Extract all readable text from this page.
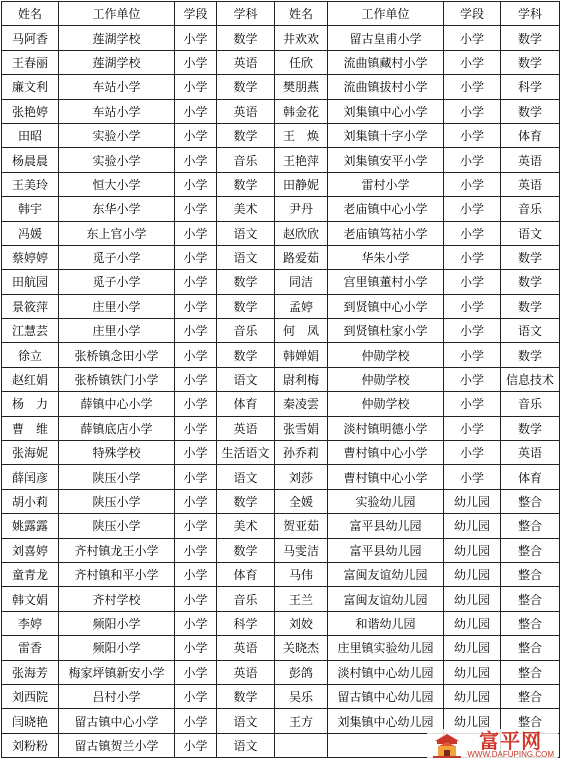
姓名	工作单位	学段	学科	姓名	工作单位	学段	学科
马阿香	莲湖学校	小学	数学	井欢欢	留古皇甫小学	小学	数学
王春丽	莲湖学校	小学	英语	任欣	流曲镇藏村小学	小学	数学
廉文利	车站小学	小学	数学	樊朋燕	流曲镇拔村小学	小学	科学
张艳婷	车站小学	小学	英语	韩金花	刘集镇中心小学	小学	数学
田昭	实验小学	小学	数学	王　焕	刘集镇十字小学	小学	体育
杨晨晨	实验小学	小学	音乐	王艳萍	刘集镇安平小学	小学	英语
王美玲	恒大小学	小学	数学	田静妮	雷村小学	小学	英语
韩宇	东华小学	小学	美术	尹丹	老庙镇中心小学	小学	音乐
冯媛	东上官小学	小学	语文	赵欣欣	老庙镇笃祜小学	小学	语文
蔡婷婷	觅子小学	小学	语文	路爱茹	华朱小学	小学	数学
田航园	觅子小学	小学	数学	同洁	宫里镇董村小学	小学	数学
景筱萍	庄里小学	小学	数学	孟婷	到贤镇中心小学	小学	数学
江慧芸	庄里小学	小学	音乐	何　凤	到贤镇杜家小学	小学	语文
徐立	张桥镇念田小学	小学	数学	韩婵娟	仲勋学校	小学	数学
赵红娟	张桥镇铁门小学	小学	语文	尉利梅	仲勋学校	小学	信息技术
杨　力	薛镇中心小学	小学	体育	秦凌雲	仲勋学校	小学	音乐
曹　维	薛镇底店小学	小学	英语	张雪娟	淡村镇明德小学	小学	数学
张海妮	特殊学校	小学	生活语文	孙乔莉	曹村镇中心小学	小学	英语
薛闰彦	陕压小学	小学	语文	刘莎	曹村镇中心小学	小学	体育
胡小莉	陕压小学	小学	数学	全媛	实验幼儿园	幼儿园	整合
姚露露	陕压小学	小学	美术	贺亚茹	富平县幼儿园	幼儿园	整合
刘喜婷	齐村镇龙王小学	小学	数学	马雯洁	富平县幼儿园	幼儿园	整合
童青龙	齐村镇和平小学	小学	体育	马伟	富闽友谊幼儿园	幼儿园	整合
韩文娟	齐村学校	小学	音乐	王兰	富闽友谊幼儿园	幼儿园	整合
李婷	频阳小学	小学	科学	刘姣	和谐幼儿园	幼儿园	整合
雷香	频阳小学	小学	英语	关晓杰	庄里镇实验幼儿园	幼儿园	整合
张海芳	梅家坪镇新安小学	小学	英语	彭鸽	淡村镇中心幼儿园	幼儿园	整合
刘西院	吕村小学	小学	数学	吴乐	留古镇中心幼儿园	幼儿园	整合
闫晓艳	留古镇中心小学	小学	语文	王方	刘集镇中心幼儿园	幼儿园	整合
刘粉粉	留古镇贺兰小学	小学	语文					富平网
WWW.DAFUPING.COM
